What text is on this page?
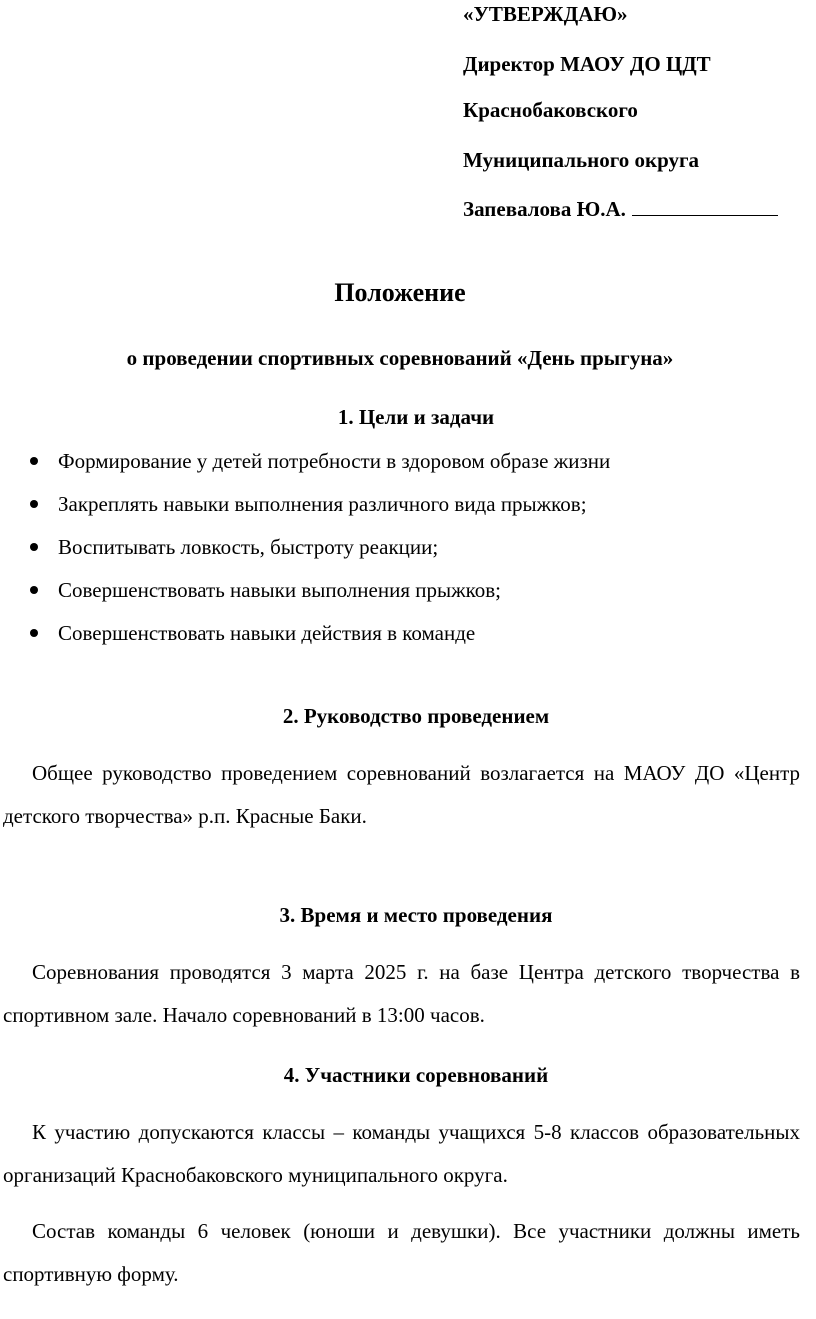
«УТВЕРЖДАЮ»
Директор МАОУ ДО ЦДТ
Краснобаковского
Муниципального округа
Запевалова Ю.А.
Положение
о проведении спортивных соревнований «День прыгуна»
1. Цели и задачи
Формирование у детей потребности в здоровом образе жизни
Закреплять навыки выполнения различного вида прыжков;
Воспитывать ловкость, быстроту реакции;
Совершенствовать навыки выполнения прыжков;
Совершенствовать навыки действия в команде
2. Руководство проведением
Общее руководство проведением соревнований возлагается на МАОУ ДО «Центр детского творчества» р.п. Красные Баки.
3. Время и место проведения
Соревнования проводятся 3 марта 2025 г. на базе Центра детского творчества в спортивном зале. Начало соревнований в 13:00 часов.
4. Участники соревнований
К участию допускаются классы – команды учащихся 5-8 классов образовательных организаций Краснобаковского муниципального округа.
Состав команды 6 человек (юноши и девушки). Все участники должны иметь спортивную форму.
